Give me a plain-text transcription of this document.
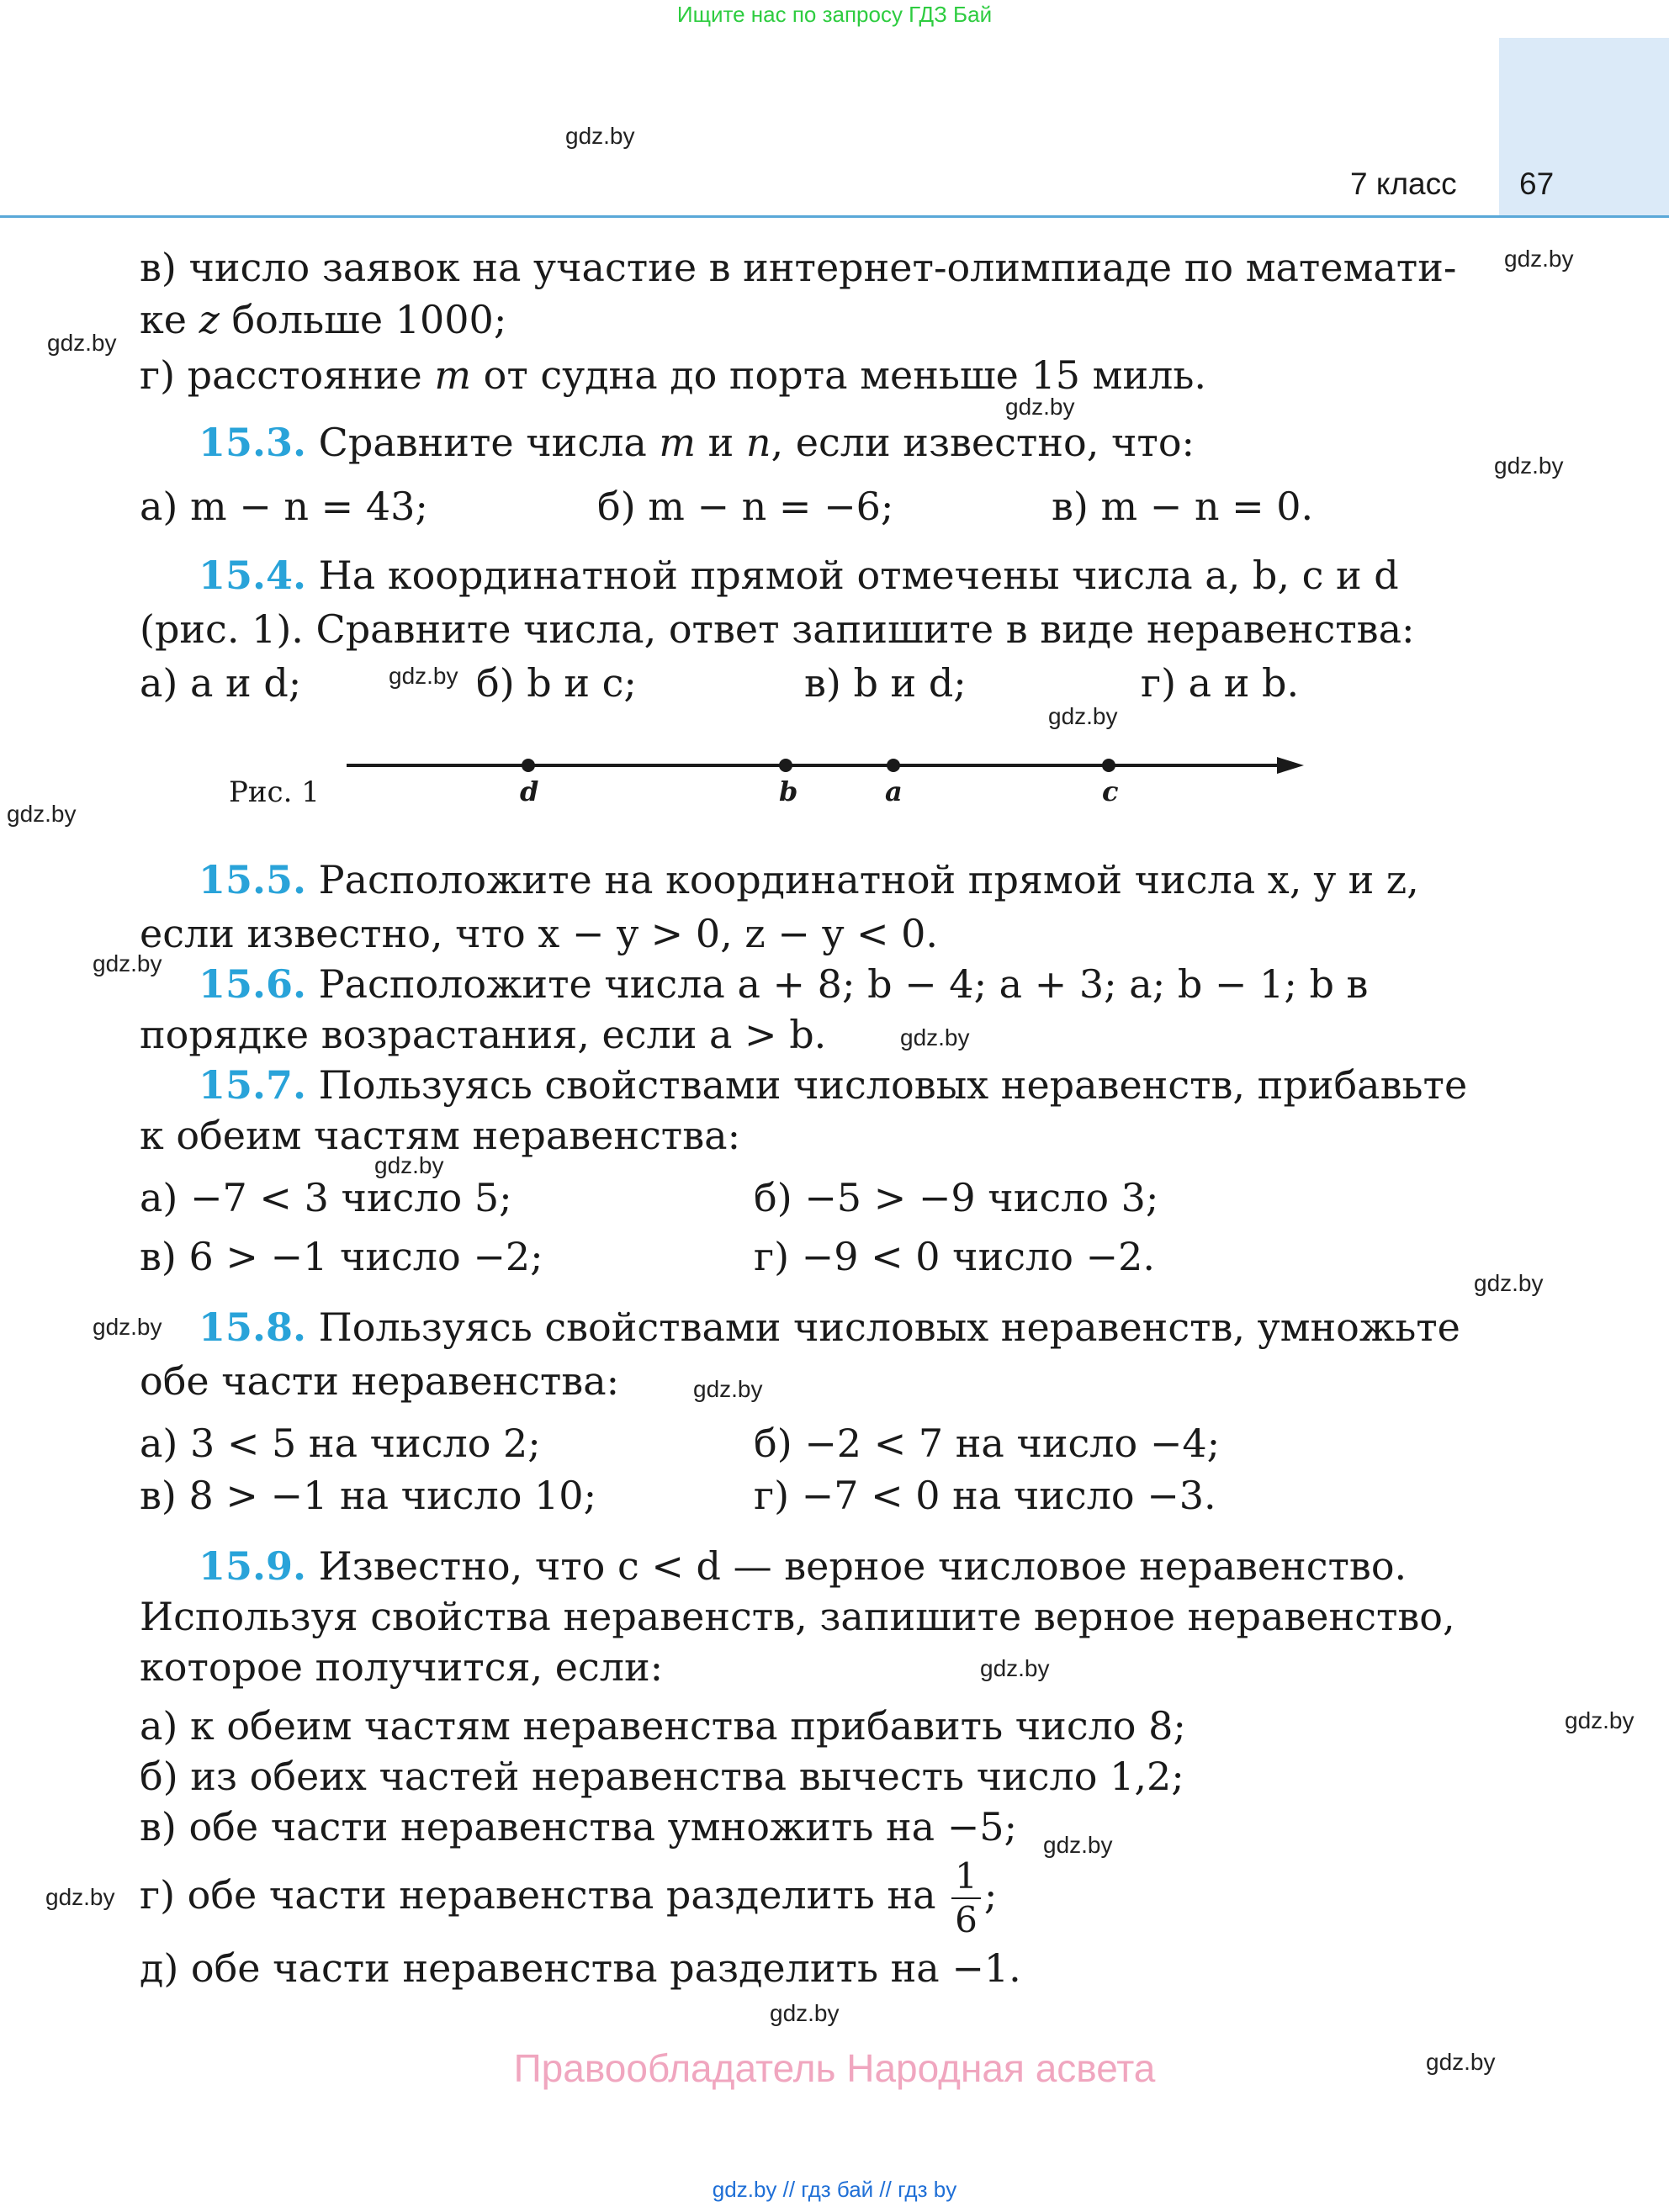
Ищите нас по запросу ГДЗ Бай
7 класс 67
gdz.by
gdz.by
gdz.by
gdz.by
gdz.by
gdz.by
gdz.by
gdz.by
gdz.by
gdz.by
gdz.by
gdz.by
gdz.by
gdz.by
gdz.by
gdz.by
gdz.by
gdz.by
gdz.by
gdz.by
в) число заявок на участие в интернет-олимпиаде по математи-
ке z больше 1000;
г) расстояние m от судна до порта меньше 15 миль.
15.3. Сравните числа m и n, если известно, что:
а) m − n = 43;	б) m − n = −6;	в) m − n = 0.
15.4. На координатной прямой отмечены числа a, b, c и d
(рис. 1). Сравните числа, ответ запишите в виде неравенства:
а) a и d;	б) b и c;	в) b и d;	г) a и b.
Рис. 1	d	b	a	c
15.5. Расположите на координатной прямой числа x, y и z,
если известно, что x − y > 0, z − y < 0.
15.6. Расположите числа a + 8; b − 4; a + 3; a; b − 1; b в
порядке возрастания, если a > b.
15.7. Пользуясь свойствами числовых неравенств, прибавьте
к обеим частям неравенства:
а) −7 < 3 число 5;	б) −5 > −9 число 3;
в) 6 > −1 число −2;	г) −9 < 0 число −2.
15.8. Пользуясь свойствами числовых неравенств, умножьте
обе части неравенства:
а) 3 < 5 на число 2;	б) −2 < 7 на число −4;
в) 8 > −1 на число 10;	г) −7 < 0 на число −3.
15.9. Известно, что c < d — верное числовое неравенство.
Используя свойства неравенств, запишите верное неравенство,
которое получится, если:
а) к обеим частям неравенства прибавить число 8;
б) из обеих частей неравенства вычесть число 1,2;
в) обе части неравенства умножить на −5;
г) обе части неравенства разделить на $\frac{1}{6}$ ;
д) обе части неравенства разделить на −1.
Правообладатель Народная асвета
gdz.by // гдз бай // гдз by
